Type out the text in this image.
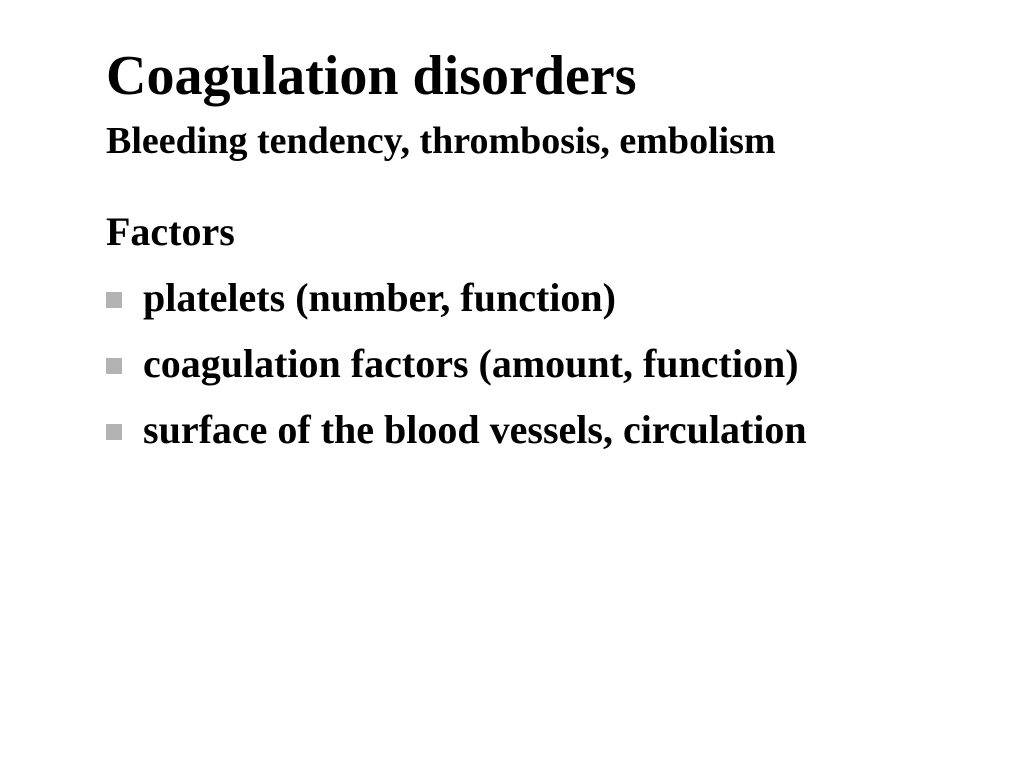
Coagulation disorders
Bleeding tendency, thrombosis, embolism
Factors
platelets (number, function)
coagulation factors (amount, function)
surface of the blood vessels, circulation
